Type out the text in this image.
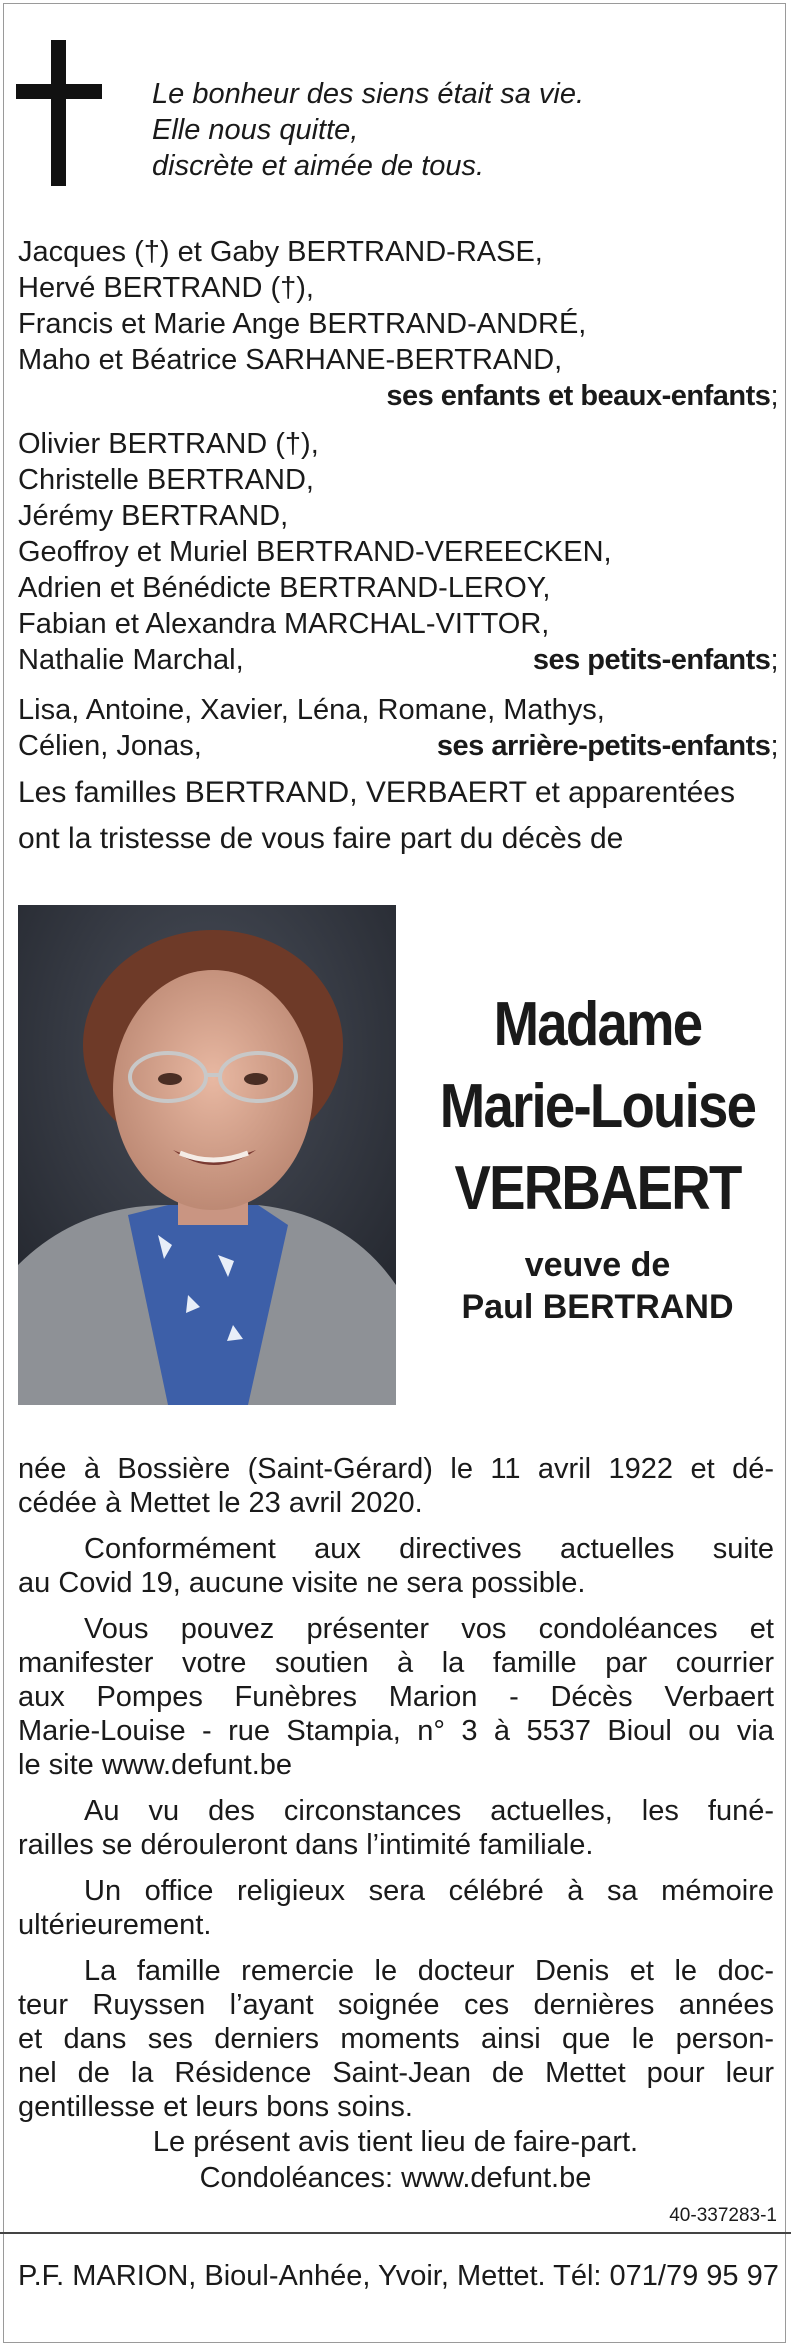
Le bonheur des siens était sa vie.
Elle nous quitte,
discrète et aimée de tous.
Jacques (†) et Gaby BERTRAND-RASE,
Hervé BERTRAND (†),
Francis et Marie Ange BERTRAND-ANDRÉ,
Maho et Béatrice SARHANE-BERTRAND,
ses enfants et beaux-enfants;
Olivier BERTRAND (†),
Christelle BERTRAND,
Jérémy BERTRAND,
Geoffroy et Muriel BERTRAND-VEREECKEN,
Adrien et Bénédicte BERTRAND-LEROY,
Fabian et Alexandra MARCHAL-VITTOR,
Nathalie Marchal,	ses petits-enfants;
Lisa, Antoine, Xavier, Léna, Romane, Mathys,
Célien, Jonas,	ses arrière-petits-enfants;
Les familles BERTRAND, VERBAERT et apparentées
ont la tristesse de vous faire part du décès de
Madame
Marie-Louise
VERBAERT
veuve de
Paul BERTRAND

née à Bossière (Saint-Gérard) le 11 avril 1922 et dé-
cédée à Mettet le 23 avril 2020.

Conformément aux directives actuelles suite
au Covid 19, aucune visite ne sera possible.

Vous pouvez présenter vos condoléances et
manifester votre soutien à la famille par courrier
aux Pompes Funèbres Marion - Décès Verbaert
Marie-Louise - rue Stampia, n° 3 à 5537 Bioul ou via
le site www.defunt.be

Au vu des circonstances actuelles, les funé-
railles se dérouleront dans l’intimité familiale.

Un office religieux sera célébré à sa mémoire
ultérieurement.

La famille remercie le docteur Denis et le doc-
teur Ruyssen l’ayant soignée ces dernières années
et dans ses derniers moments ainsi que le person-
nel de la Résidence Saint-Jean de Mettet pour leur
gentillesse et leurs bons soins.

Le présent avis tient lieu de faire-part.
Condoléances: www.defunt.be
40-337283-1
P.F. MARION, Bioul-Anhée, Yvoir, Mettet. Tél: 071/79 95 97
